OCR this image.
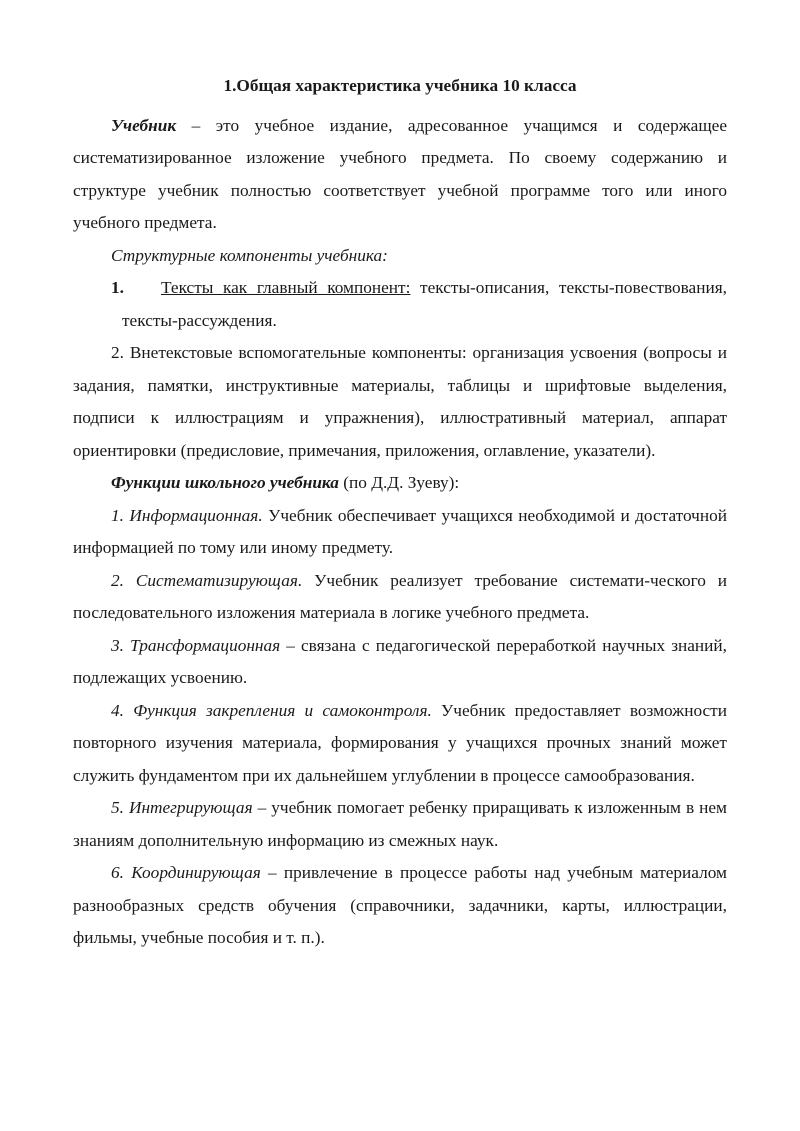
1.Общая характеристика учебника 10 класса

Учебник – это учебное издание, адресованное учащимся и содержащее систематизированное изложение учебного предмета. По своему содержанию и структуре учебник полностью соответствует учебной программе того или иного учебного предмета.

Структурные компоненты учебника:

1. Тексты как главный компонент: тексты-описания, тексты-повествования, тексты-рассуждения.

2. Внетекстовые вспомогательные компоненты: организация усвоения (вопросы и задания, памятки, инструктивные материалы, таблицы и шрифтовые выделения, подписи к иллюстрациям и упражнения), иллюстративный материал, аппарат ориентировки (предисловие, примечания, приложения, оглавление, указатели).

Функции школьного учебника (по Д.Д. Зуеву):

1. Информационная. Учебник обеспечивает учащихся необходимой и достаточной информацией по тому или иному предмету.

2. Систематизирующая. Учебник реализует требование системати-ческого и последовательного изложения материала в логике учебного предмета.

3. Трансформационная – связана с педагогической переработкой научных знаний, подлежащих усвоению.

4. Функция закрепления и самоконтроля. Учебник предоставляет возможности повторного изучения материала, формирования у учащихся прочных знаний может служить фундаментом при их дальнейшем углублении в процессе самообразования.

5. Интегрирующая – учебник помогает ребенку приращивать к изложенным в нем знаниям дополнительную информацию из смежных наук.

6. Координирующая – привлечение в процессе работы над учебным материалом разнообразных средств обучения (справочники, задачники, карты, иллюстрации, фильмы, учебные пособия и т. п.).
